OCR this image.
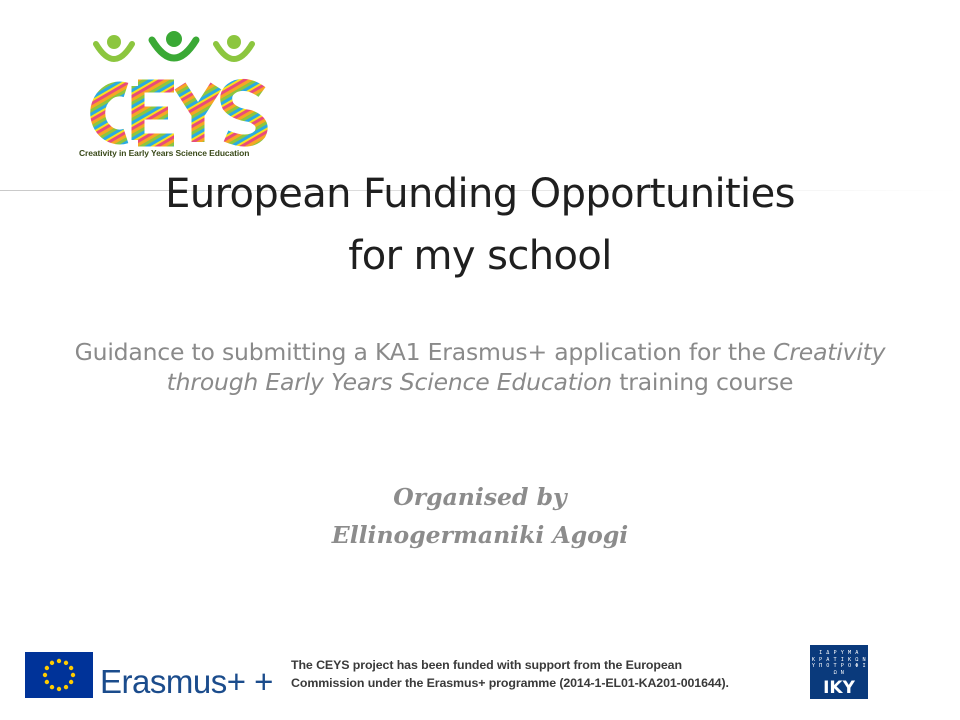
Creativity in Early Years Science Education
European Funding Opportunities
for my school

Guidance to submitting a KA1 Erasmus+ application for the Creativity through Early Years Science Education training course

Organised by
Ellinogermaniki Agogi

Erasmus+ + The CEYS project has been funded with support from the European
Commission under the Erasmus+ programme (2014-1-EL01-KA201-001644).
Ι Δ Ρ Υ Μ Α
Κ Ρ Α Τ Ι Κ Ω Ν
Υ Π Ο Τ Ρ Ο Φ Ι Ω Ν
IKY
